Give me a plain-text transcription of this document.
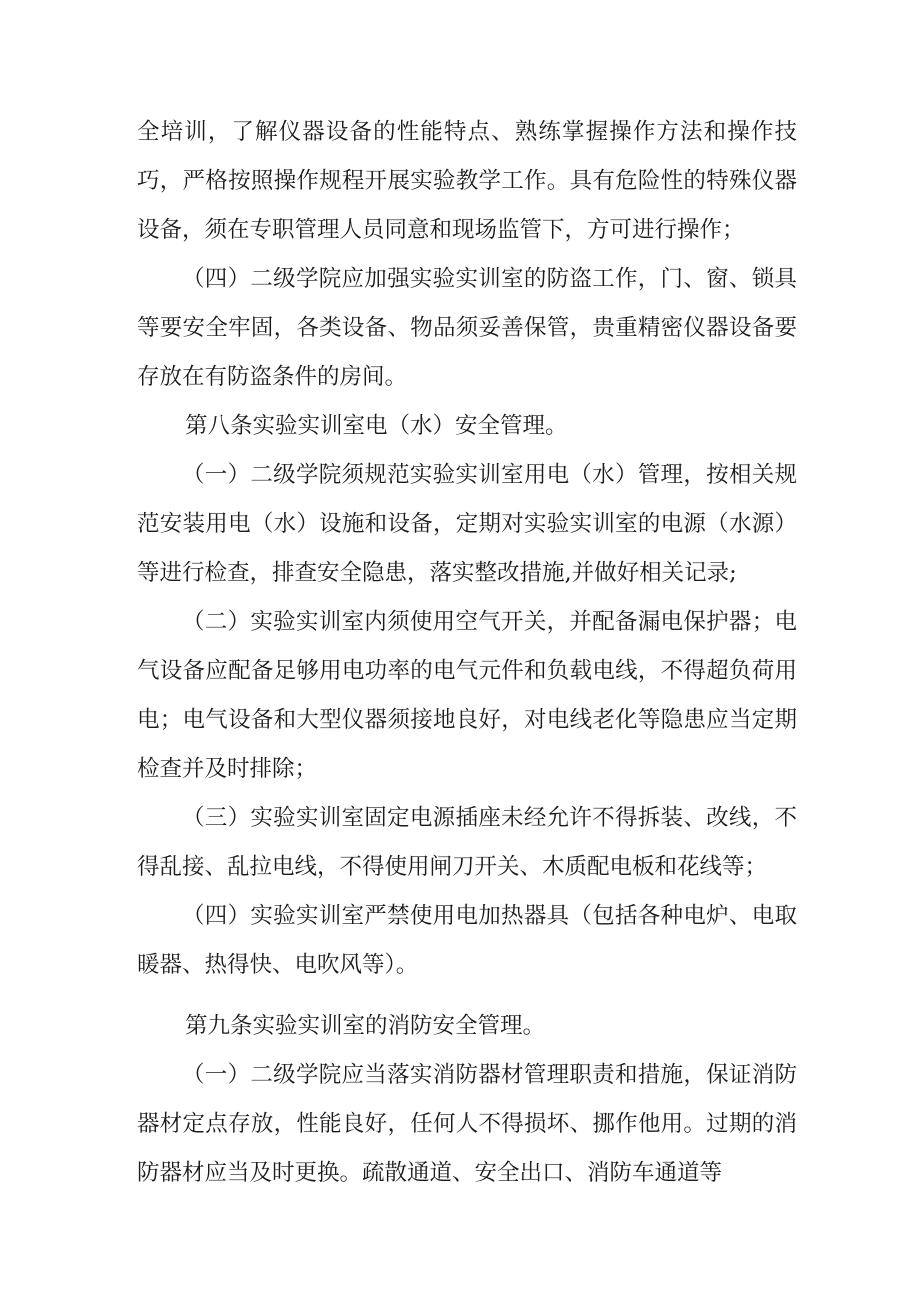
全培训，了解仪器设备的性能特点、熟练掌握操作方法和操作技巧，严格按照操作规程开展实验教学工作。具有危险性的特殊仪器设备，须在专职管理人员同意和现场监管下，方可进行操作；

（四）二级学院应加强实验实训室的防盗工作，门、窗、锁具等要安全牢固，各类设备、物品须妥善保管，贵重精密仪器设备要存放在有防盗条件的房间。

第八条实验实训室电（水）安全管理。

（一）二级学院须规范实验实训室用电（水）管理，按相关规范安装用电（水）设施和设备，定期对实验实训室的电源（水源）等进行检查，排查安全隐患，落实整改措施,并做好相关记录;

（二）实验实训室内须使用空气开关，并配备漏电保护器；电气设备应配备足够用电功率的电气元件和负载电线，不得超负荷用电；电气设备和大型仪器须接地良好，对电线老化等隐患应当定期检查并及时排除；

（三）实验实训室固定电源插座未经允许不得拆装、改线，不得乱接、乱拉电线，不得使用闸刀开关、木质配电板和花线等；

（四）实验实训室严禁使用电加热器具（包括各种电炉、电取暖器、热得快、电吹风等）。

第九条实验实训室的消防安全管理。

（一）二级学院应当落实消防器材管理职责和措施，保证消防器材定点存放，性能良好，任何人不得损坏、挪作他用。过期的消防器材应当及时更换。疏散通道、安全出口、消防车通道等
